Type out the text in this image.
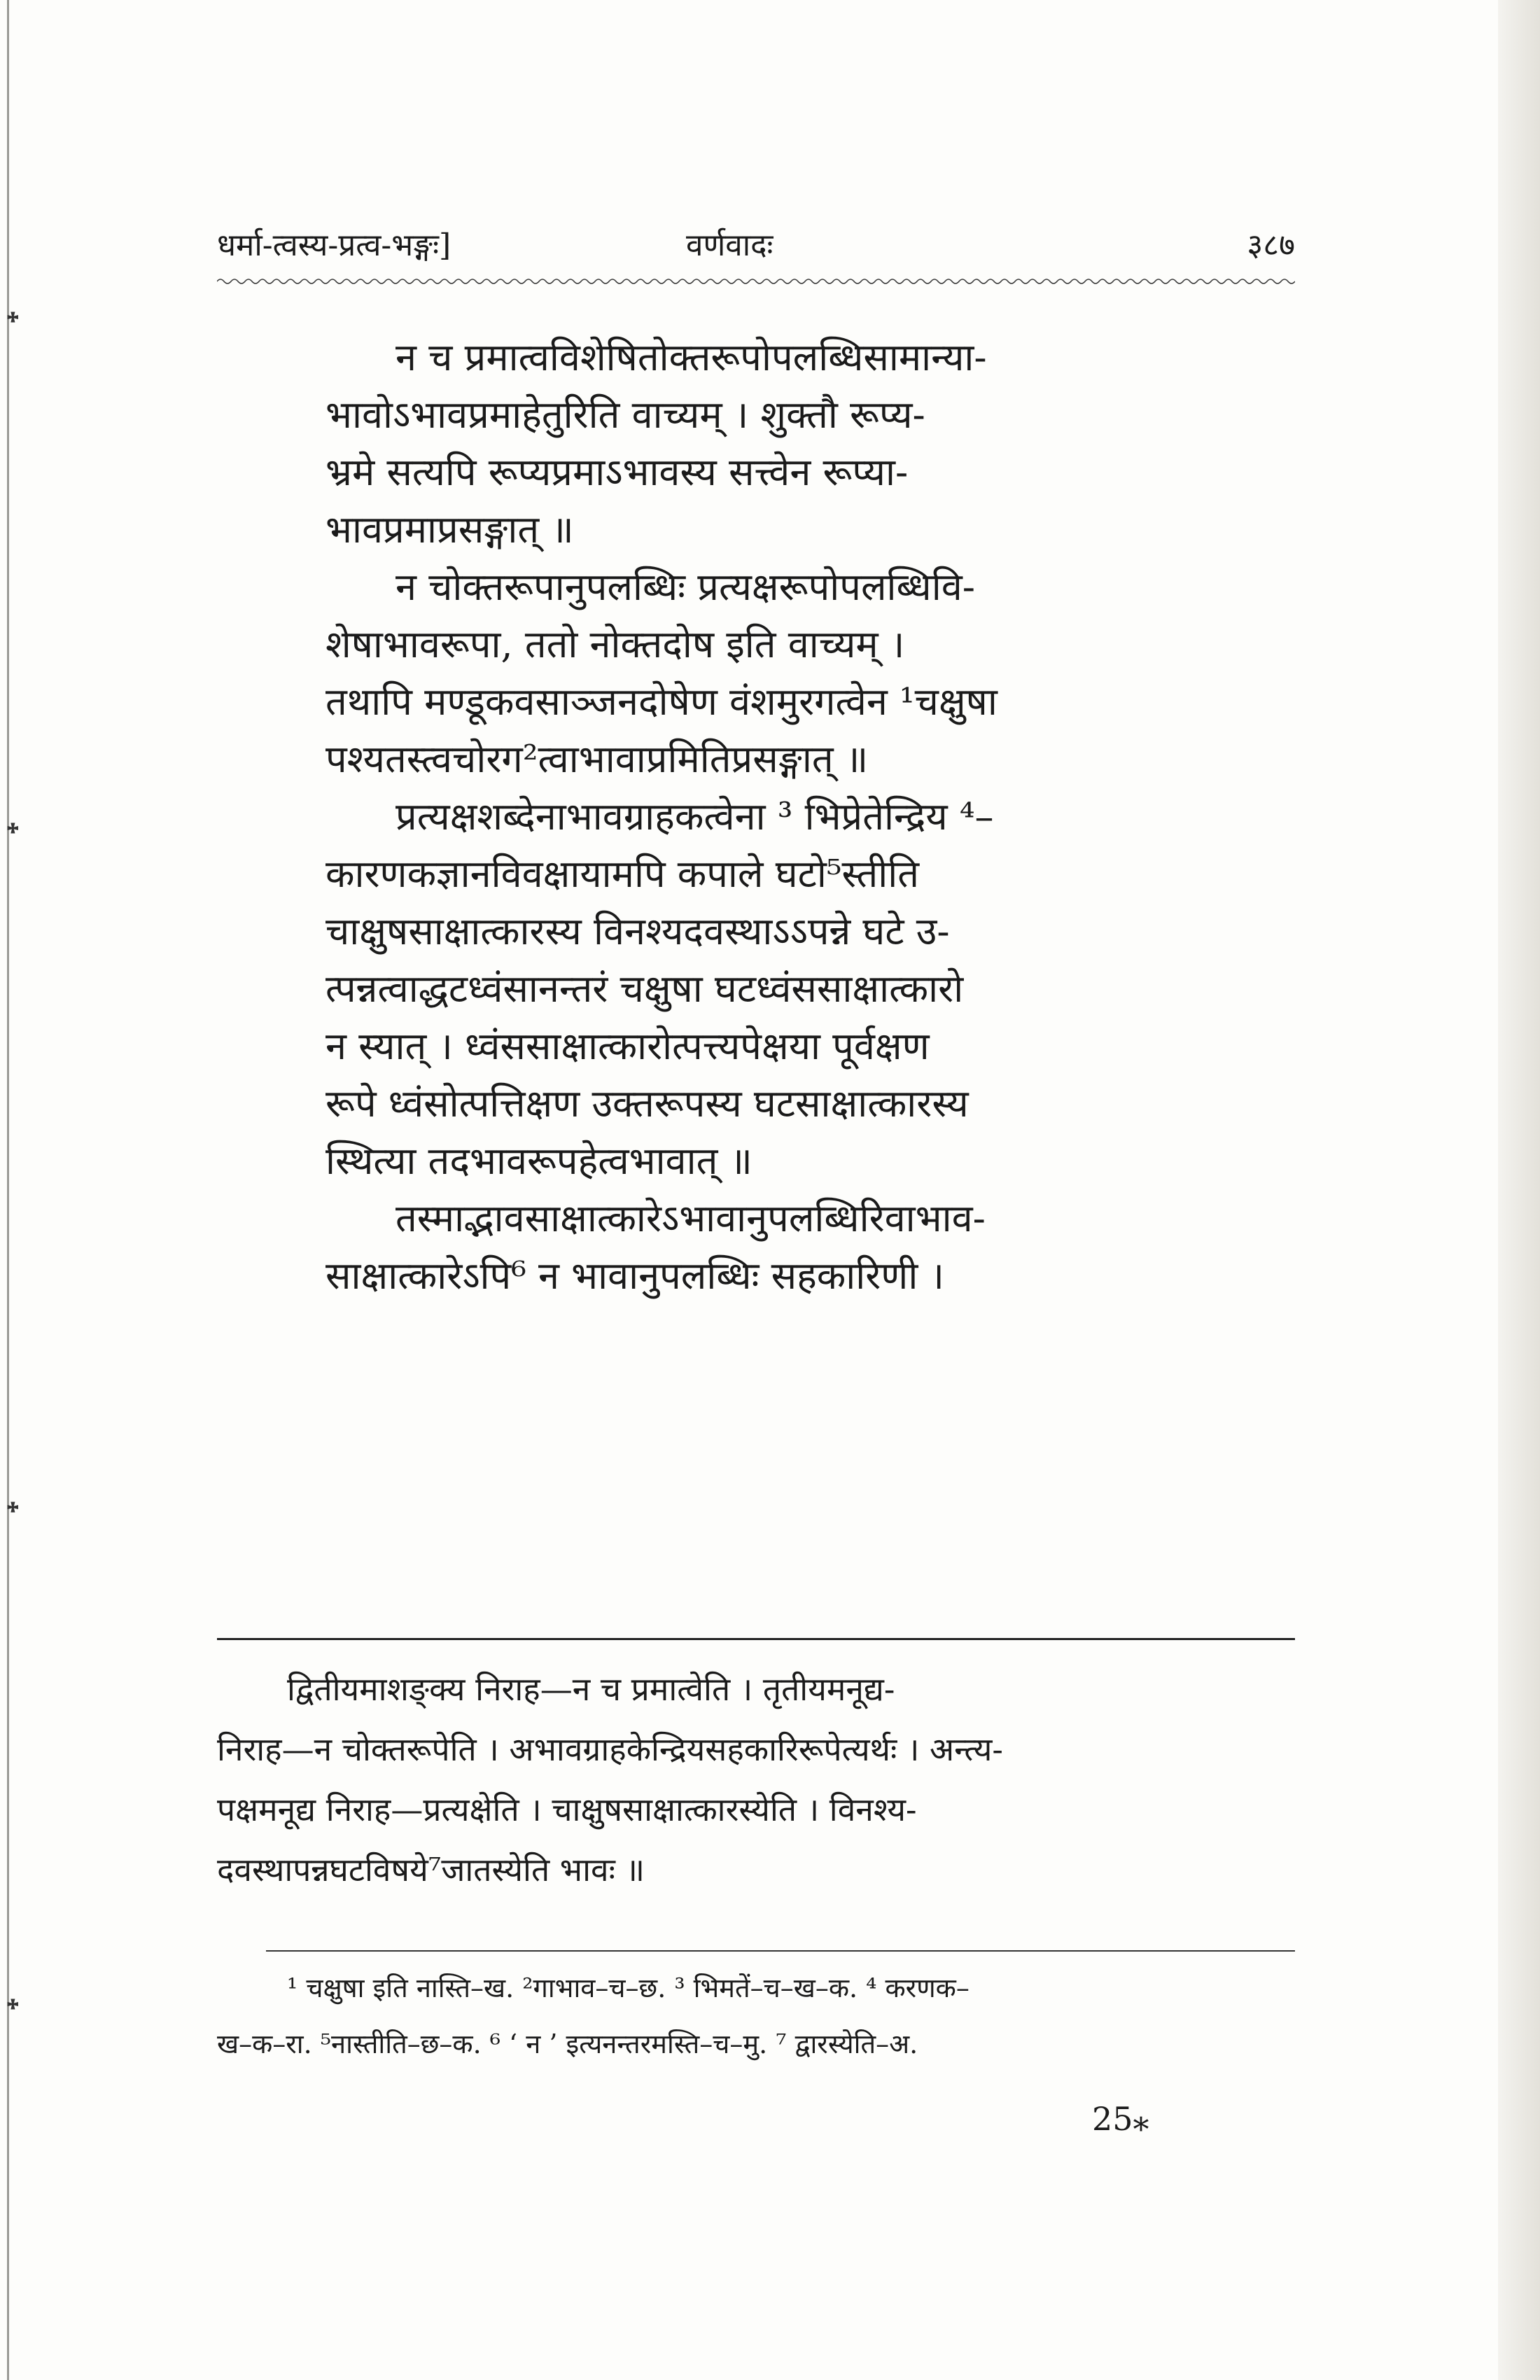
᛭
᛭
᛭
᛭
धर्मा-त्वस्य-प्रत्व-भङ्गः]	वर्णवादः	३८७
न च प्रमात्वविशेषितोक्तरूपोपलब्धिसामान्या-
भावोऽभावप्रमाहेतुरिति वाच्यम् । शुक्तौ रूप्य-
भ्रमे सत्यपि रूप्यप्रमाऽभावस्य सत्त्वेन रूप्या-
भावप्रमाप्रसङ्गात् ॥
न चोक्तरूपानुपलब्धिः प्रत्यक्षरूपोपलब्धिवि-
शेषाभावरूपा, ततो नोक्तदोष इति वाच्यम् ।
तथापि मण्डूकवसाञ्जनदोषेण वंशमुरगत्वेन ¹चक्षुषा
पश्यतस्त्वचोरग²त्वाभावाप्रमितिप्रसङ्गात् ॥
प्रत्यक्षशब्देनाभावग्राहकत्वेना ³ भिप्रेतेन्द्रिय ⁴–
कारणकज्ञानविवक्षायामपि कपाले घटो⁵स्तीति
चाक्षुषसाक्षात्कारस्य विनश्यदवस्थाऽऽपन्ने घटे उ-
त्पन्नत्वाद्धटध्वंसानन्तरं चक्षुषा घटध्वंससाक्षात्कारो
न स्यात् । ध्वंससाक्षात्कारोत्पत्त्यपेक्षया पूर्वक्षण
रूपे ध्वंसोत्पत्तिक्षण उक्तरूपस्य घटसाक्षात्कारस्य
स्थित्या तदभावरूपहेत्वभावात् ॥
तस्माद्भावसाक्षात्कारेऽभावानुपलब्धिरिवाभाव-
साक्षात्कारेऽपि⁶ न भावानुपलब्धिः सहकारिणी ।
द्वितीयमाशङ्क्य निराह—न च प्रमात्वेति । तृतीयमनूद्य-
निराह—न चोक्तरूपेति । अभावग्राहकेन्द्रियसहकारिरूपेत्यर्थः । अन्त्य-
पक्षमनूद्य निराह—प्रत्यक्षेति । चाक्षुषसाक्षात्कारस्येति । विनश्य-
दवस्थापन्नघटविषये⁷जातस्येति भावः ॥
¹ चक्षुषा इति नास्ति–ख. ²गाभाव–च–छ. ³ भिमतें–च–ख–क. ⁴ करणक–
ख–क–रा. ⁵नास्तीति–छ–क. ⁶ ‘ न ’ इत्यनन्तरमस्ति–च–मु. ⁷ द्वारस्येति–अ.
25⁎
